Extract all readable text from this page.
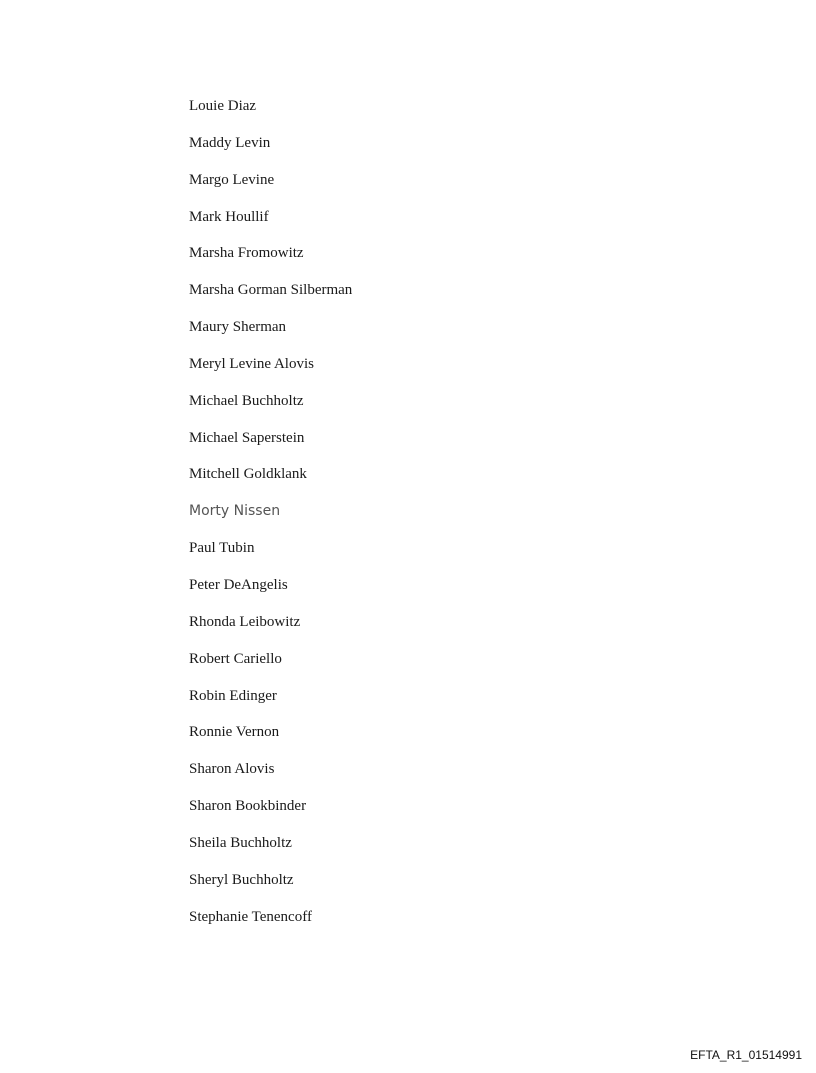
Louie Diaz
Maddy Levin
Margo Levine
Mark Houllif
Marsha Fromowitz
Marsha Gorman Silberman
Maury Sherman
Meryl Levine Alovis
Michael Buchholtz
Michael Saperstein
Mitchell Goldklank
Morty Nissen
Paul Tubin
Peter DeAngelis
Rhonda Leibowitz
Robert Cariello
Robin Edinger
Ronnie Vernon
Sharon Alovis
Sharon Bookbinder
Sheila Buchholtz
Sheryl Buchholtz
Stephanie Tenencoff
EFTA_R1_01514991
